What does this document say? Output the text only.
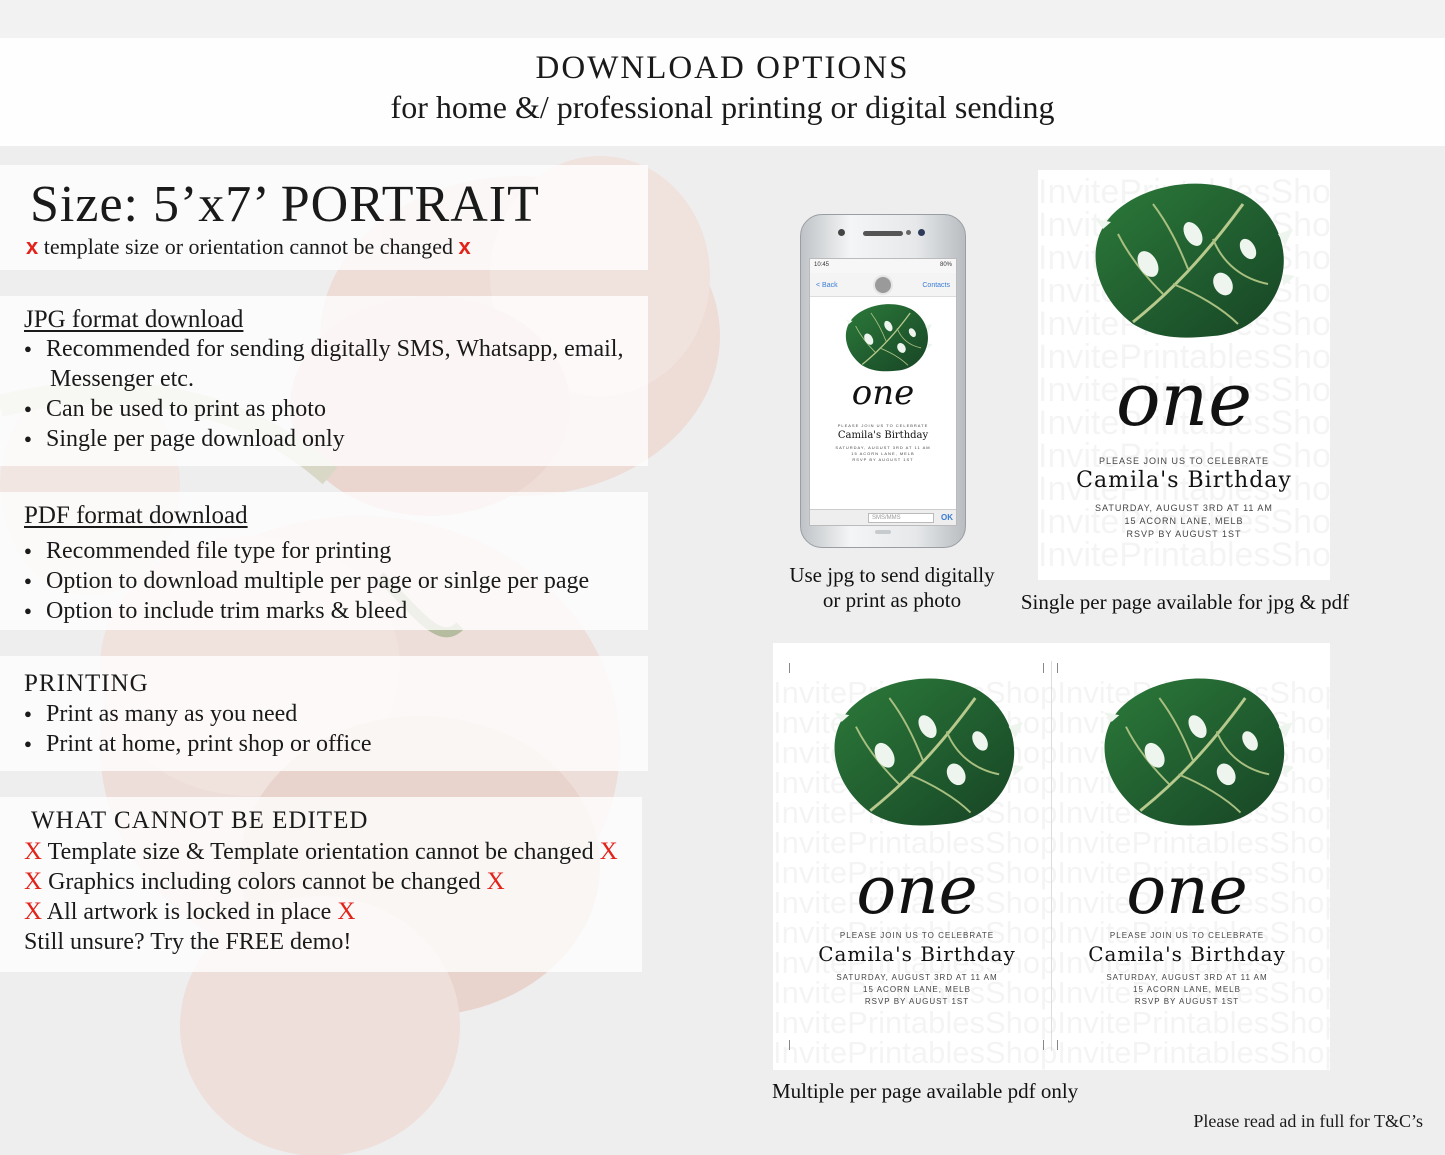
DOWNLOAD OPTIONS
for home &/ professional printing or digital sending
Size: 5’x7’ PORTRAIT
x template size or orientation cannot be changed x
JPG format download
● Recommended for sending digitally SMS, Whatsapp, email,
Messenger etc.
● Can be used to print as photo
● Single per page download only
PDF format download
● Recommended file type for printing
● Option to download multiple per page or sinlge per page
● Option to include trim marks & bleed
PRINTING
● Print as many as you need
● Print at home, print shop or office
WHAT CANNOT BE EDITED
X Template size & Template orientation cannot be changed X
X Graphics including colors cannot be changed X
X All artwork is locked in place X
Still unsure? Try the FREE demo!
10:45	80%
< Back	Contacts
one
PLEASE JOIN US TO CELEBRATE
Camila's Birthday
SATURDAY, AUGUST 3RD AT 11 AM
15 ACORN LANE, MELB
RSVP BY AUGUST 1ST
SMS/MMS	OK
Use jpg to send digitally
or print as photo
one
PLEASE JOIN US TO CELEBRATE
Camila's Birthday
SATURDAY, AUGUST 3RD AT 11 AM
15 ACORN LANE, MELB
RSVP BY AUGUST 1ST
Single per page available for jpg & pdf
one
PLEASE JOIN US TO CELEBRATE
Camila's Birthday
SATURDAY, AUGUST 3RD AT 11 AM
15 ACORN LANE, MELB
RSVP BY AUGUST 1ST
one
PLEASE JOIN US TO CELEBRATE
Camila's Birthday
SATURDAY, AUGUST 3RD AT 11 AM
15 ACORN LANE, MELB
RSVP BY AUGUST 1ST
Multiple per page available pdf only
Please read ad in full for T&C’s
